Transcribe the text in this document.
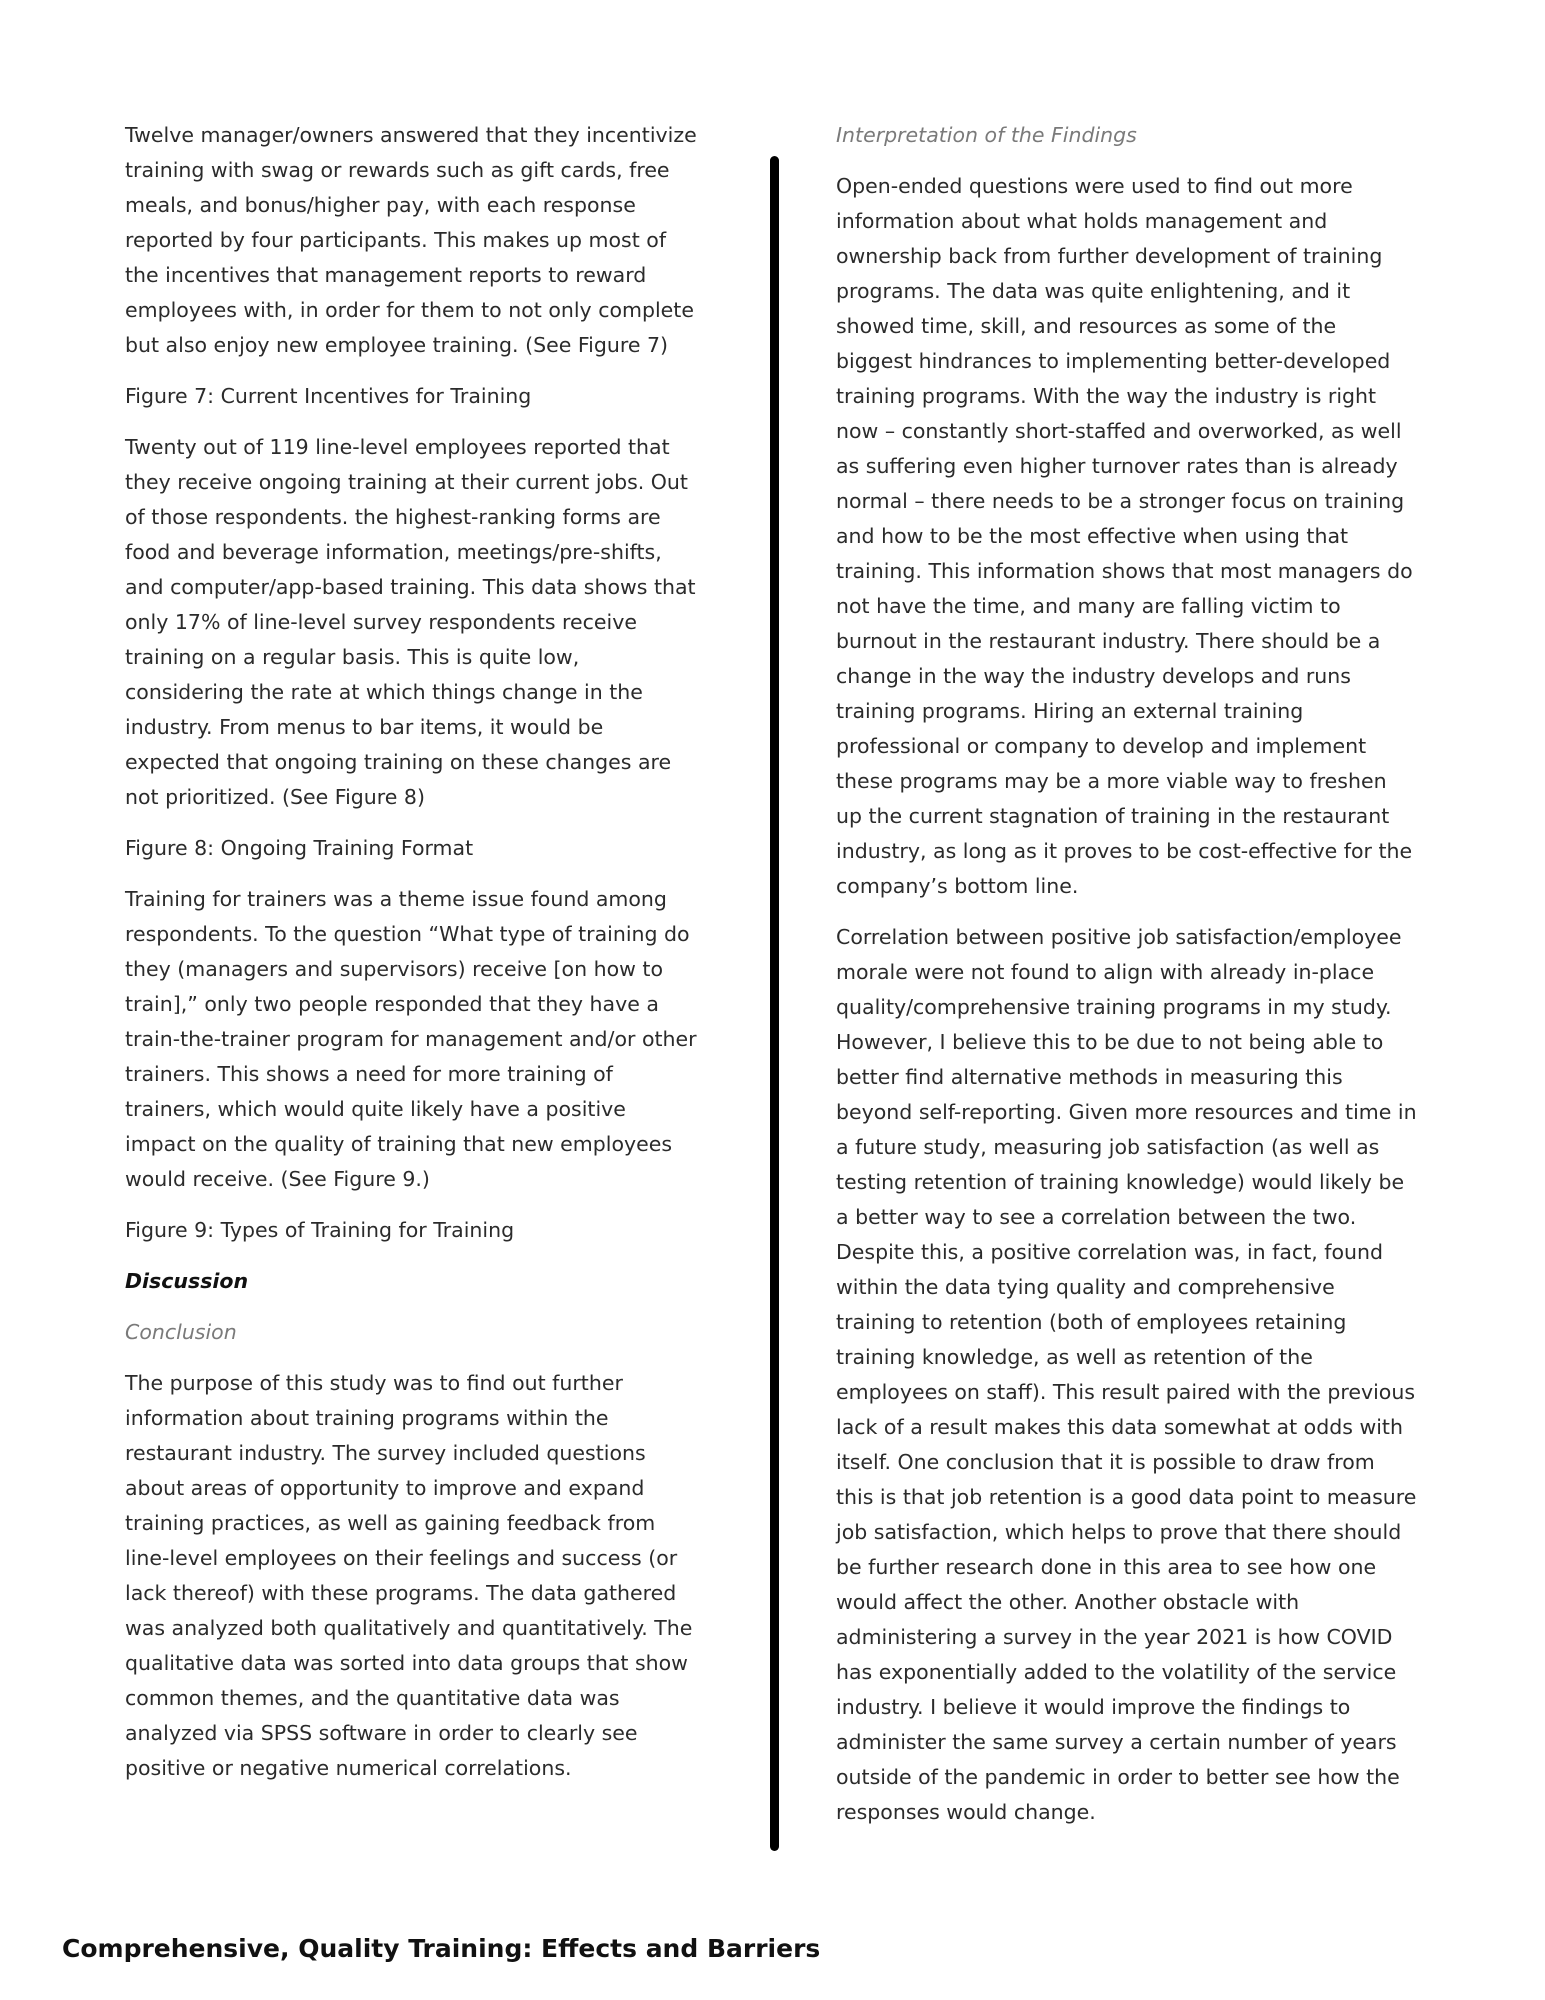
Twelve manager/owners answered that they incentivize training with swag or rewards such as gift cards, free meals, and bonus/higher pay, with each response reported by four participants. This makes up most of the incentives that management reports to reward employees with, in order for them to not only complete but also enjoy new employee training. (See Figure 7)

Figure 7: Current Incentives for Training

Twenty out of 119 line-level employees reported that they receive ongoing training at their current jobs. Out of those respondents. the highest-ranking forms are food and beverage information, meetings/pre-shifts, and computer/app-based training. This data shows that only 17% of line-level survey respondents receive training on a regular basis. This is quite low, considering the rate at which things change in the industry. From menus to bar items, it would be expected that ongoing training on these changes are not prioritized. (See Figure 8)

Figure 8: Ongoing Training Format

Training for trainers was a theme issue found among respondents. To the question “What type of training do they (managers and supervisors) receive [on how to train],” only two people responded that they have a train-the-trainer program for management and/or other trainers. This shows a need for more training of trainers, which would quite likely have a positive impact on the quality of training that new employees would receive. (See Figure 9.)

Figure 9: Types of Training for Training
Discussion
Conclusion

The purpose of this study was to find out further information about training programs within the restaurant industry. The survey included questions about areas of opportunity to improve and expand training practices, as well as gaining feedback from line-level employees on their feelings and success (or lack thereof) with these programs. The data gathered was analyzed both qualitatively and quantitatively. The qualitative data was sorted into data groups that show common themes, and the quantitative data was analyzed via SPSS software in order to clearly see positive or negative numerical correlations.

Interpretation of the Findings

Open-ended questions were used to find out more information about what holds management and ownership back from further development of training programs. The data was quite enlightening, and it showed time, skill, and resources as some of the biggest hindrances to implementing better-developed training programs. With the way the industry is right now – constantly short-staffed and overworked, as well as suffering even higher turnover rates than is already normal – there needs to be a stronger focus on training and how to be the most effective when using that training. This information shows that most managers do not have the time, and many are falling victim to burnout in the restaurant industry. There should be a change in the way the industry develops and runs training programs. Hiring an external training professional or company to develop and implement these programs may be a more viable way to freshen up the current stagnation of training in the restaurant industry, as long as it proves to be cost-effective for the company’s bottom line.

Correlation between positive job satisfaction/employee morale were not found to align with already in-place quality/comprehensive training programs in my study. However, I believe this to be due to not being able to better find alternative methods in measuring this beyond self-reporting. Given more resources and time in a future study, measuring job satisfaction (as well as testing retention of training knowledge) would likely be a better way to see a correlation between the two. Despite this, a positive correlation was, in fact, found within the data tying quality and comprehensive training to retention (both of employees retaining training knowledge, as well as retention of the employees on staff). This result paired with the previous lack of a result makes this data somewhat at odds with itself. One conclusion that it is possible to draw from this is that job retention is a good data point to measure job satisfaction, which helps to prove that there should be further research done in this area to see how one would affect the other. Another obstacle with administering a survey in the year 2021 is how COVID has exponentially added to the volatility of the service industry. I believe it would improve the findings to administer the same survey a certain number of years outside of the pandemic in order to better see how the responses would change.

Comprehensive, Quality Training: Effects and Barriers
